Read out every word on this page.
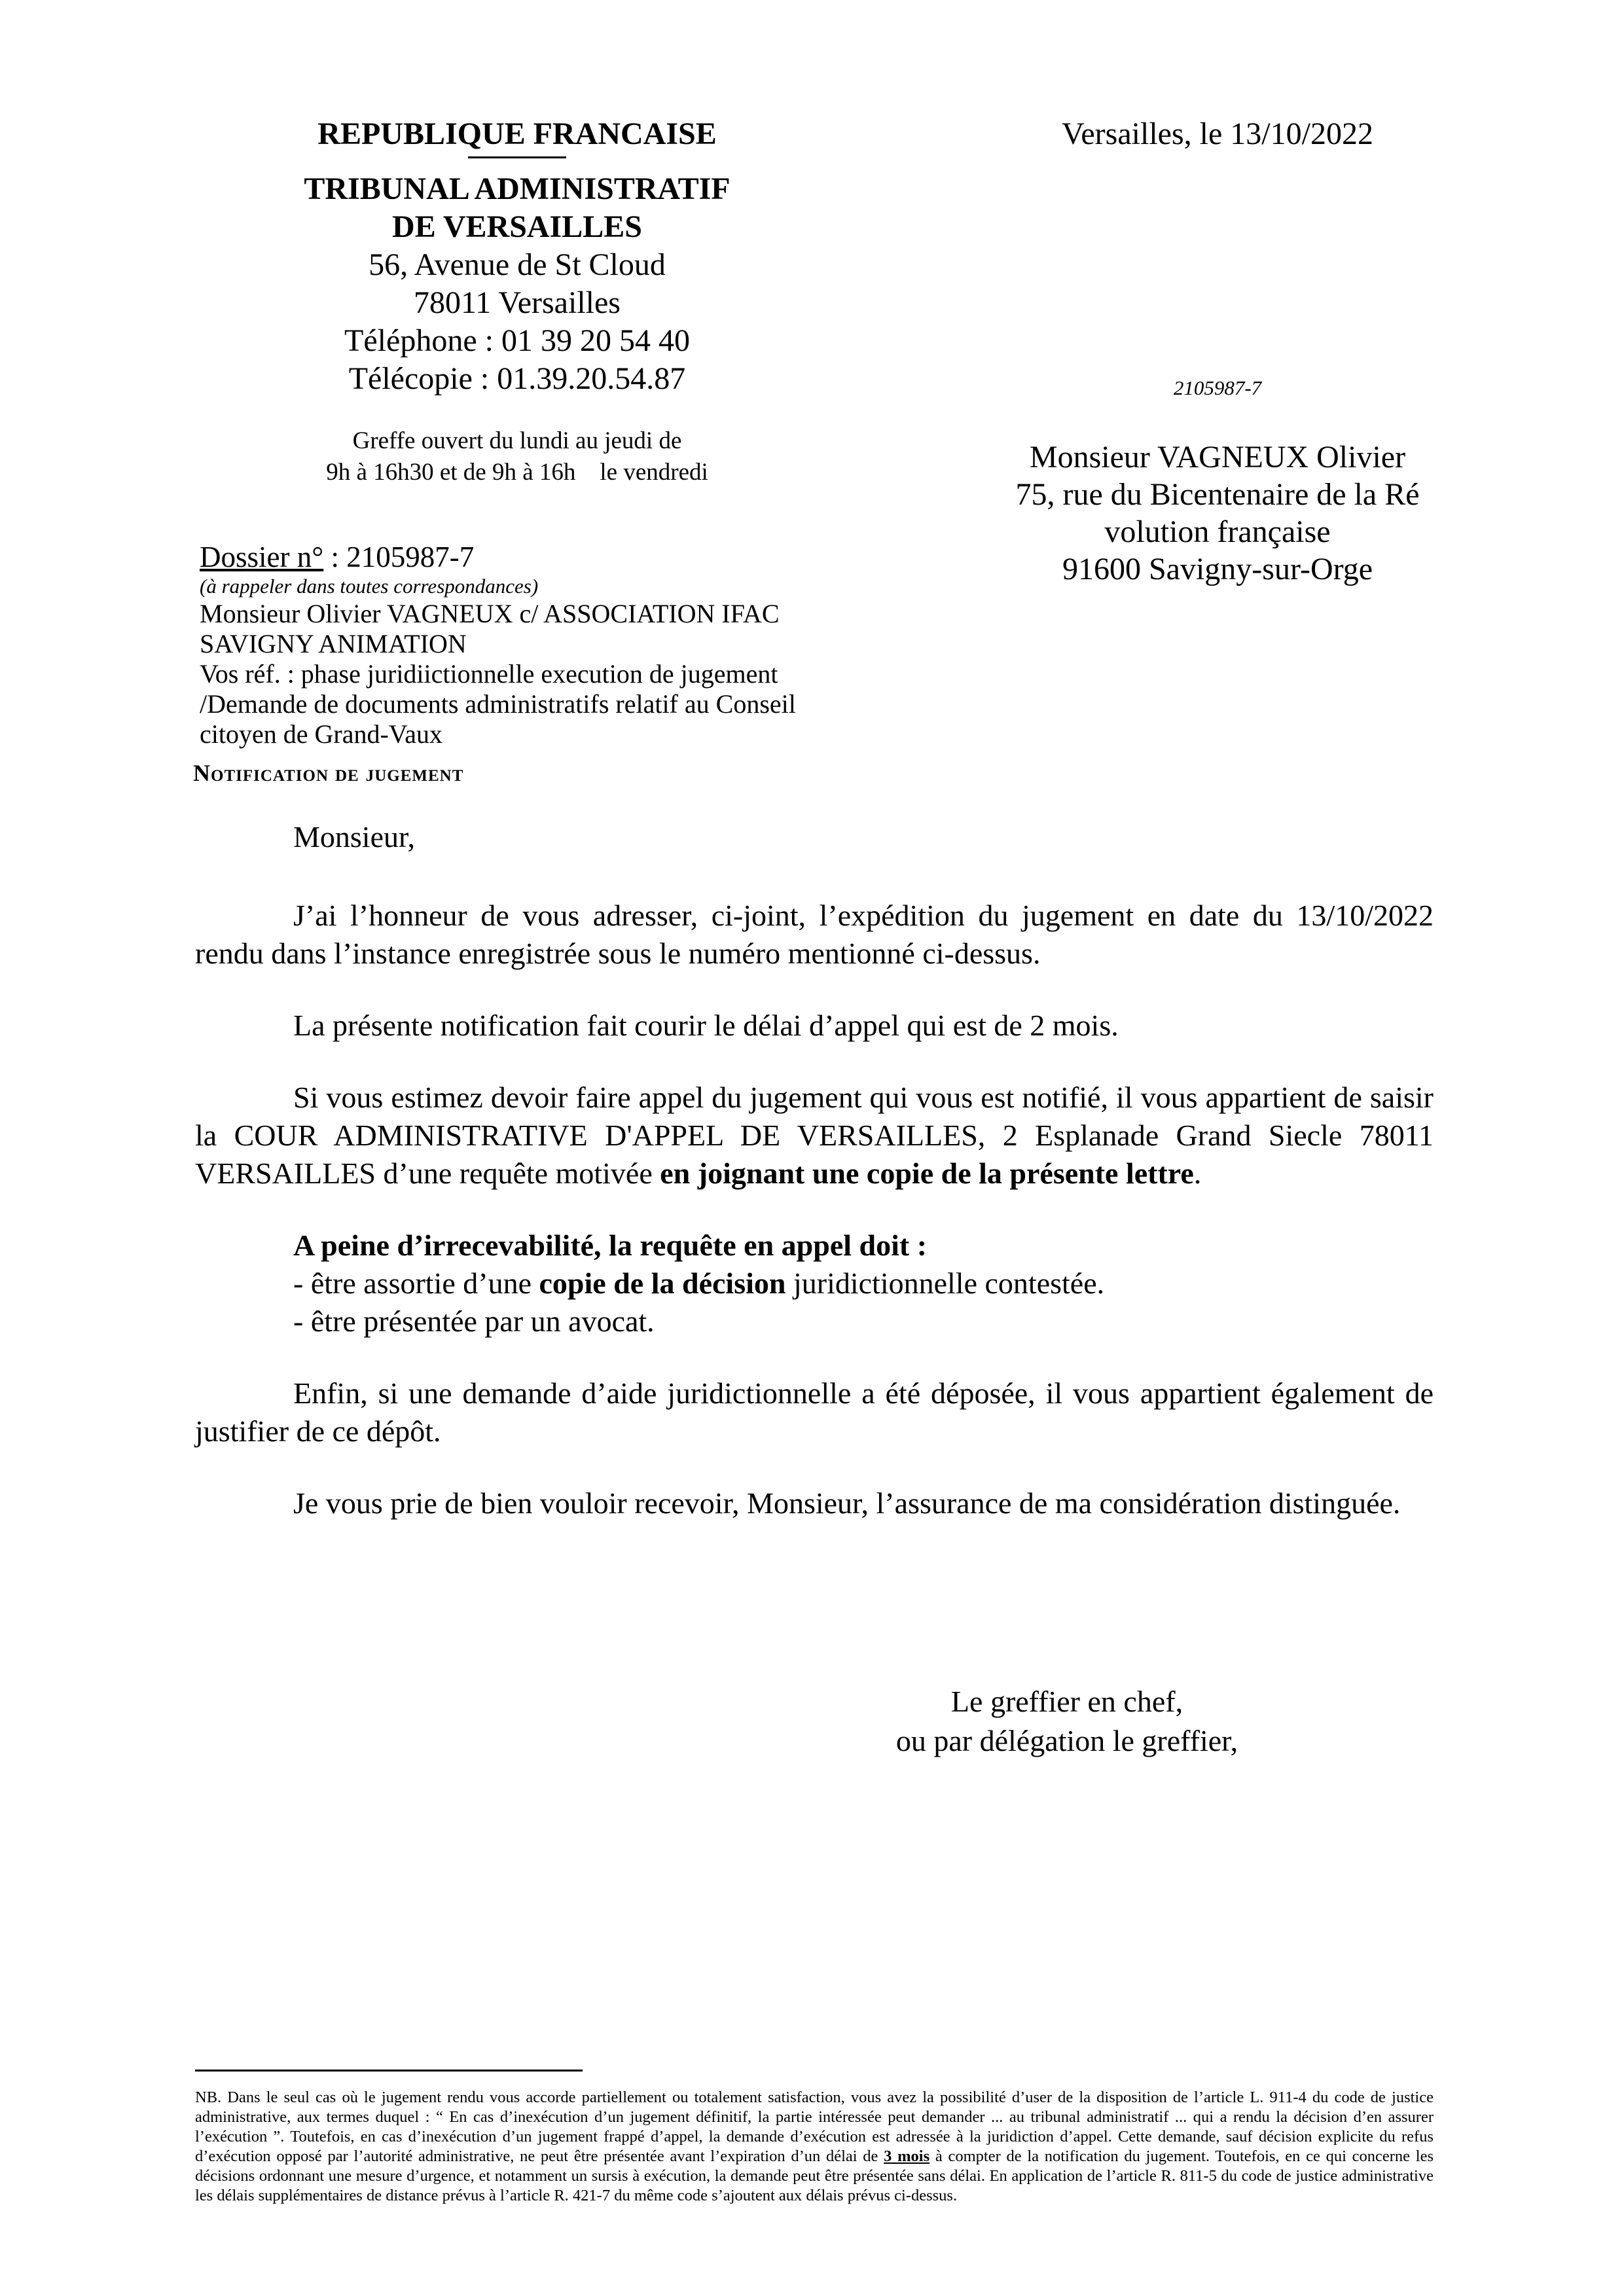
REPUBLIQUE FRANCAISE
TRIBUNAL ADMINISTRATIF
DE VERSAILLES
56, Avenue de St Cloud
78011 Versailles
Téléphone : 01 39 20 54 40
Télécopie : 01.39.20.54.87
Greffe ouvert du lundi au jeudi de
9h à 16h30 et de 9h à 16h    le vendredi
Versailles, le 13/10/2022
2105987-7
Monsieur VAGNEUX Olivier
75, rue du Bicentenaire de la Ré
volution française
91600 Savigny-sur-Orge
Dossier n° : 2105987-7
(à rappeler dans toutes correspondances)
Monsieur Olivier VAGNEUX c/ ASSOCIATION IFAC
SAVIGNY ANIMATION
Vos réf. : phase juridiictionnelle execution de jugement
/Demande de documents administratifs relatif au Conseil
citoyen de Grand-Vaux
Notification de jugement
Monsieur,

J’ai l’honneur de vous adresser, ci-joint, l’expédition du jugement en date du 13/10/2022 rendu dans l’instance enregistrée sous le numéro mentionné ci-dessus.

La présente notification fait courir le délai d’appel qui est de 2 mois.

Si vous estimez devoir faire appel du jugement qui vous est notifié, il vous appartient de saisir la COUR ADMINISTRATIVE D'APPEL DE VERSAILLES, 2 Esplanade Grand Siecle 78011 VERSAILLES d’une requête motivée en joignant une copie de la présente lettre.

A peine d’irrecevabilité, la requête en appel doit :
- être assortie d’une copie de la décision juridictionnelle contestée.
- être présentée par un avocat.

Enfin, si une demande d’aide juridictionnelle a été déposée, il vous appartient également de justifier de ce dépôt.

Je vous prie de bien vouloir recevoir, Monsieur, l’assurance de ma considération distinguée.

Le greffier en chef,
ou par délégation le greffier,
NB. Dans le seul cas où le jugement rendu vous accorde partiellement ou totalement satisfaction, vous avez la possibilité d’user de la disposition de l’article L. 911-4 du code de justice administrative, aux termes duquel : “ En cas d’inexécution d’un jugement définitif, la partie intéressée peut demander ... au tribunal administratif ... qui a rendu la décision d’en assurer l’exécution ”. Toutefois, en cas d’inexécution d’un jugement frappé d’appel, la demande d’exécution est adressée à la juridiction d’appel. Cette demande, sauf décision explicite du refus d’exécution opposé par l’autorité administrative, ne peut être présentée avant l’expiration d’un délai de 3 mois à compter de la notification du jugement. Toutefois, en ce qui concerne les décisions ordonnant une mesure d’urgence, et notamment un sursis à exécution, la demande peut être présentée sans délai. En application de l’article R. 811-5 du code de justice administrative les délais supplémentaires de distance prévus à l’article R. 421-7 du même code s’ajoutent aux délais prévus ci-dessus.
